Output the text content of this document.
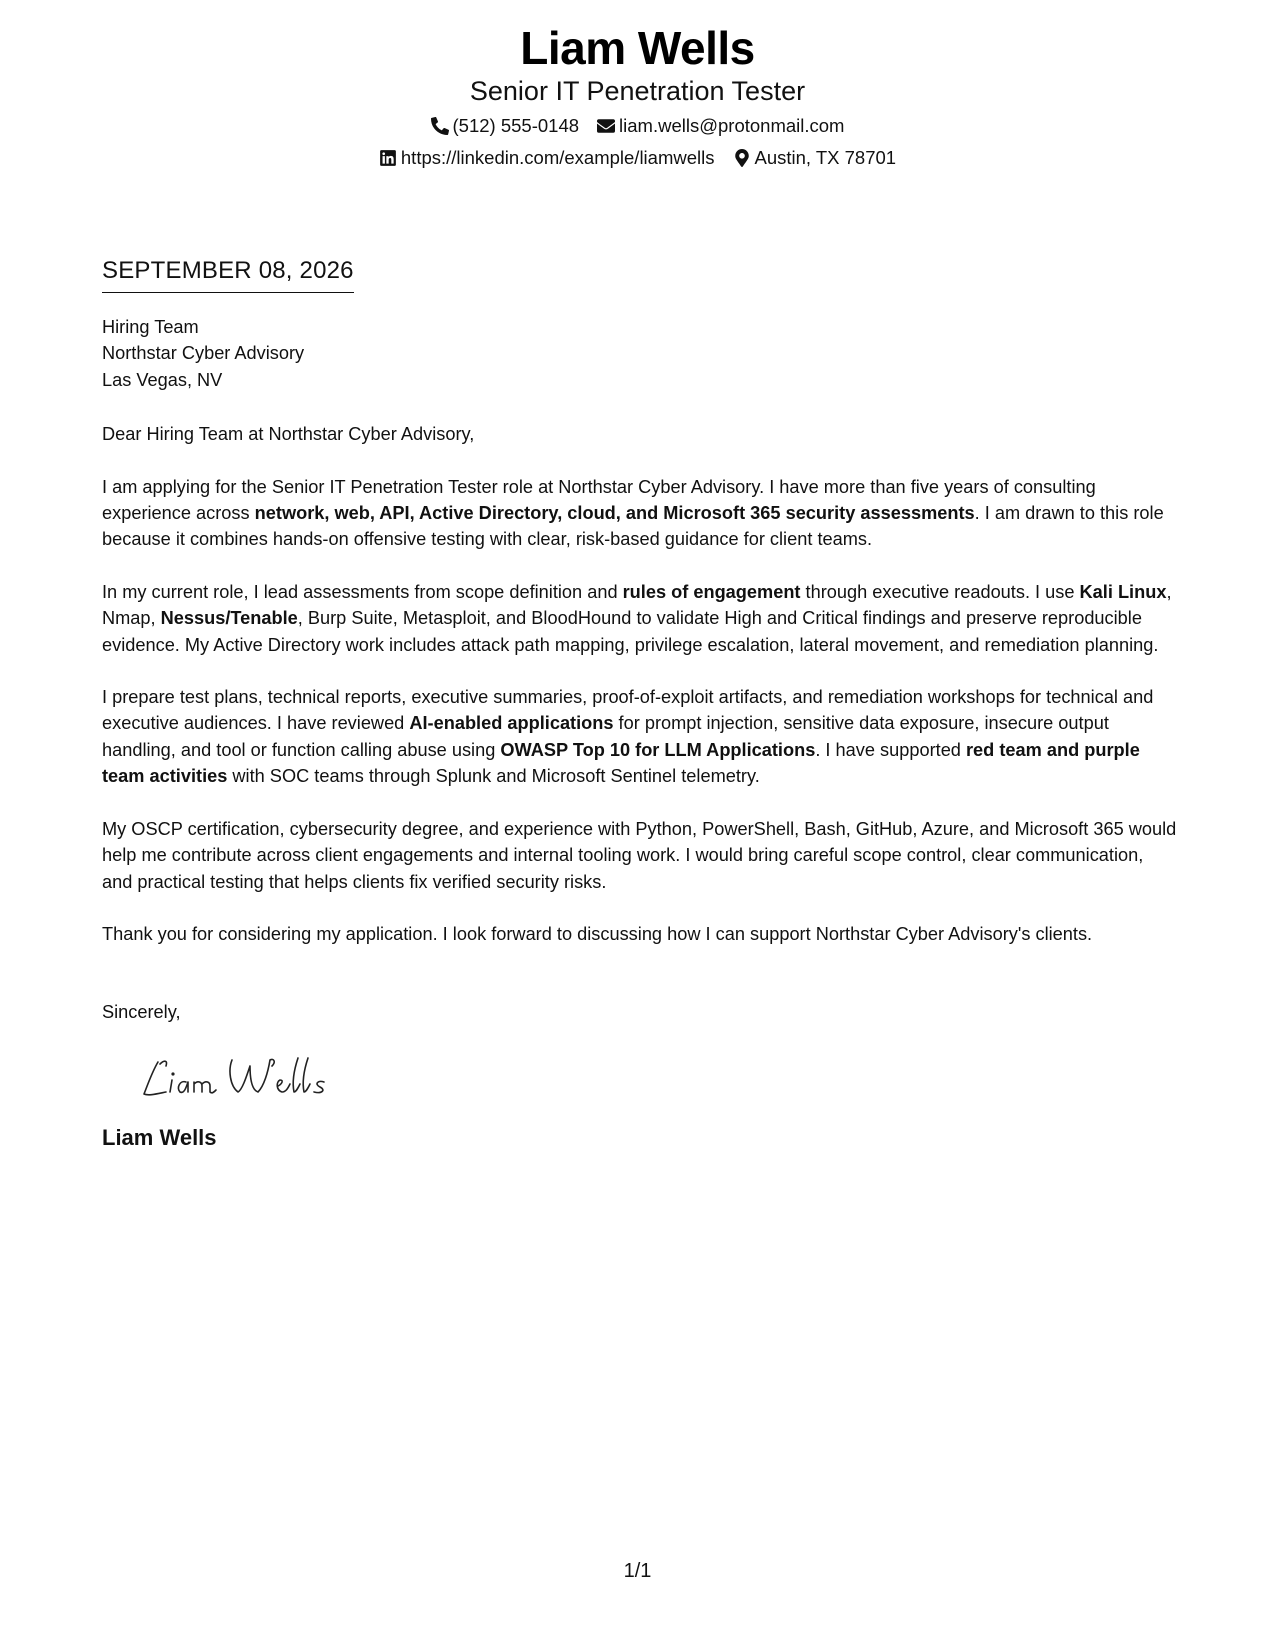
Liam Wells
Senior IT Penetration Tester
(512) 555-0148 liam.wells@protonmail.com
https://linkedin.com/example/liamwells Austin, TX 78701
SEPTEMBER 08, 2026

Hiring Team

Northstar Cyber Advisory

Las Vegas, NV

Dear Hiring Team at Northstar Cyber Advisory,

I am applying for the Senior IT Penetration Tester role at Northstar Cyber Advisory. I have more than five years of consulting experience across network, web, API, Active Directory, cloud, and Microsoft 365 security assessments. I am drawn to this role because it combines hands-on offensive testing with clear, risk-based guidance for client teams.

In my current role, I lead assessments from scope definition and rules of engagement through executive readouts. I use Kali Linux, Nmap, Nessus/Tenable, Burp Suite, Metasploit, and BloodHound to validate High and Critical findings and preserve reproducible evidence. My Active Directory work includes attack path mapping, privilege escalation, lateral movement, and remediation planning.

I prepare test plans, technical reports, executive summaries, proof-of-exploit artifacts, and remediation workshops for technical and executive audiences. I have reviewed AI-enabled applications for prompt injection, sensitive data exposure, insecure output handling, and tool or function calling abuse using OWASP Top 10 for LLM Applications. I have supported red team and purple team activities with SOC teams through Splunk and Microsoft Sentinel telemetry.

My OSCP certification, cybersecurity degree, and experience with Python, PowerShell, Bash, GitHub, Azure, and Microsoft 365 would help me contribute across client engagements and internal tooling work. I would bring careful scope control, clear communication, and practical testing that helps clients fix verified security risks.

Thank you for considering my application. I look forward to discussing how I can support Northstar Cyber Advisory's clients.

Sincerely,
Liam Wells
1/1
